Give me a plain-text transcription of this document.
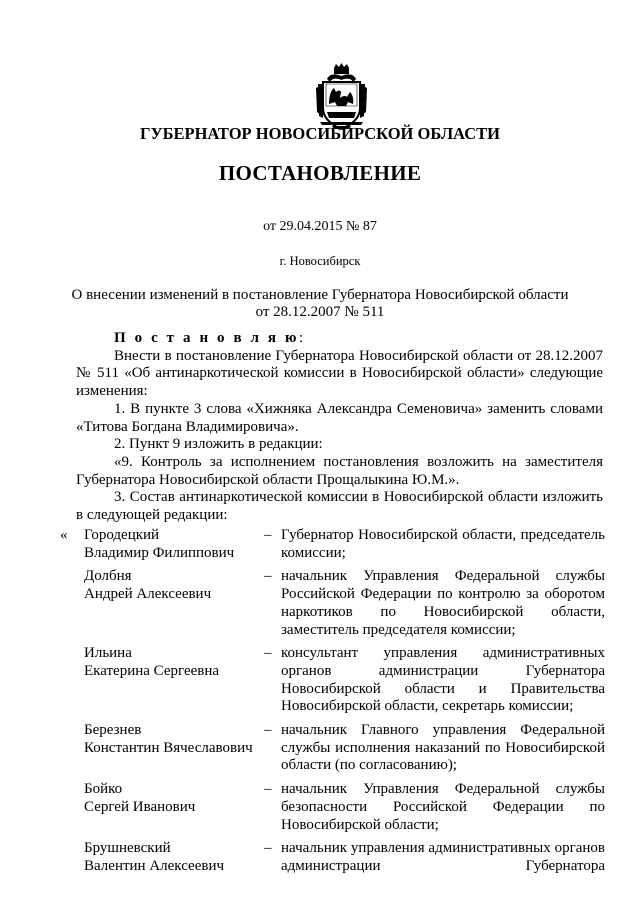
ГУБЕРНАТОР НОВОСИБИРСКОЙ ОБЛАСТИ
ПОСТАНОВЛЕНИЕ
от 29.04.2015 № 87
г. Новосибирск
О внесении изменений в постановление Губернатора Новосибирской области
от 28.12.2007 № 511

П о с т а н о в л я ю:

Внести в постановление Губернатора Новосибирской области от 28.12.2007 № 511 «Об антинаркотической комиссии в Новосибирской области» следующие изменения:

1. В пункте 3 слова «Хижняка Александра Семеновича» заменить словами «Титова Богдана Владимировича».

2. Пункт 9 изложить в редакции:

«9. Контроль за исполнением постановления возложить на заместителя Губернатора Новосибирской области Прощалыкина Ю.М.».

3. Состав антинаркотической комиссии в Новосибирской области изложить в следующей редакции:

«	Городецкий
Владимир Филиппович
– Губернатор Новосибирской области, председатель комиссии;
Долбня
Андрей Алексеевич
– начальник Управления Федеральной службы Российской Федерации по контролю за оборотом наркотиков по Новосибирской области, заместитель председателя комиссии;
Ильина
Екатерина Сергеевна
– консультант управления административных органов администрации Губернатора Новосибирской области и Правительства Новосибирской области, секретарь комиссии;
Березнев
Константин Вячеславович
– начальник Главного управления Федеральной службы исполнения наказаний по Новосибирской области (по согласованию);
Бойко
Сергей Иванович
– начальник Управления Федеральной службы безопасности Российской Федерации по Новосибирской области;
Брушневский
Валентин Алексеевич
– начальник управления административных органов администрации Губернатора
